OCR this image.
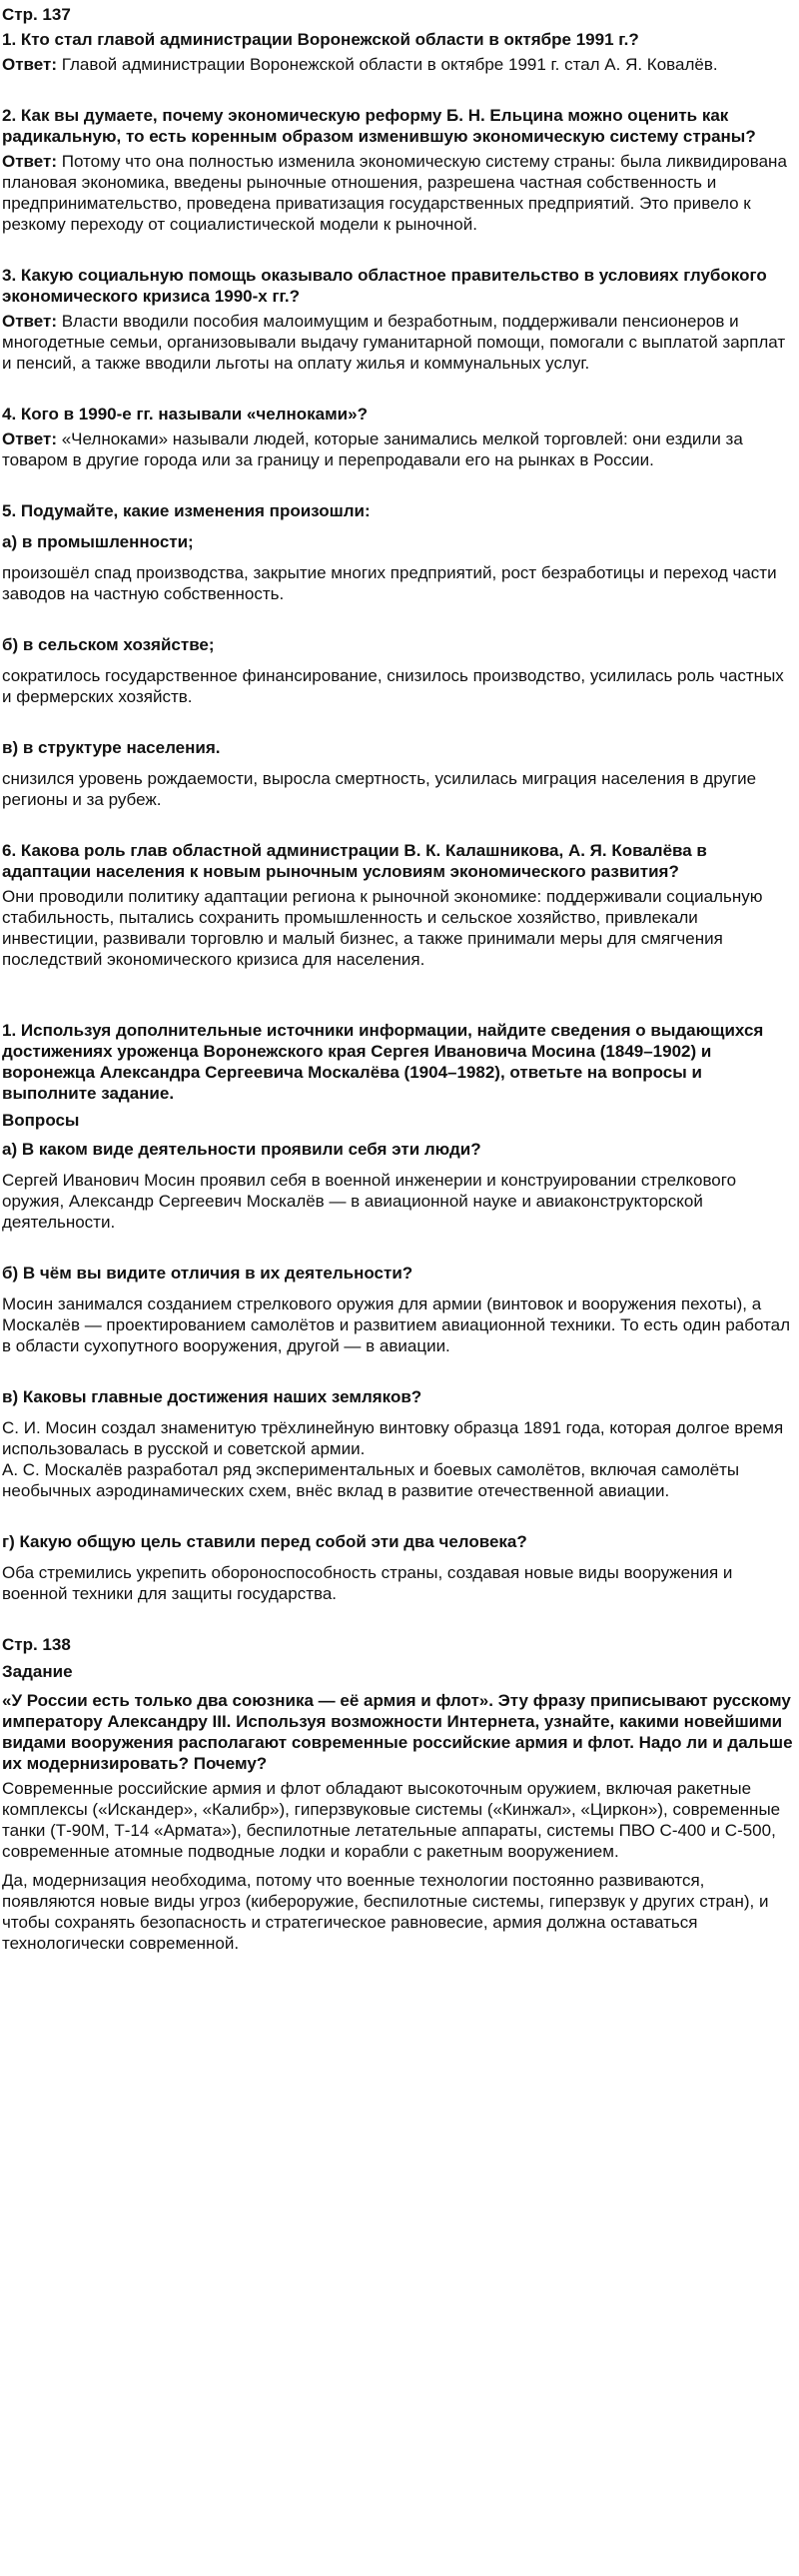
Стр. 137
1. Кто стал главой администрации Воронежской области в октябре 1991 г.?

Ответ: Главой администрации Воронежской области в октябре 1991 г. стал А. Я. Ковалёв.

2. Как вы думаете, почему экономическую реформу Б. Н. Ельцина можно оценить как радикальную, то есть коренным образом изменившую экономическую систему страны?

Ответ: Потому что она полностью изменила экономическую систему страны: была ликвидирована плановая экономика, введены рыночные отношения, разрешена частная собственность и предпринимательство, проведена приватизация государственных предприятий. Это привело к резкому переходу от социалистической модели к рыночной.

3. Какую социальную помощь оказывало областное правительство в условиях глубокого экономического кризиса 1990-х гг.?

Ответ: Власти вводили пособия малоимущим и безработным, поддерживали пенсионеров и многодетные семьи, организовывали выдачу гуманитарной помощи, помогали с выплатой зарплат и пенсий, а также вводили льготы на оплату жилья и коммунальных услуг.

4. Кого в 1990-е гг. называли «челноками»?

Ответ: «Челноками» называли людей, которые занимались мелкой торговлей: они ездили за товаром в другие города или за границу и перепродавали его на рынках в России.

5. Подумайте, какие изменения произошли:
а) в промышленности;

произошёл спад производства, закрытие многих предприятий, рост безработицы и переход части заводов на частную собственность.

б) в сельском хозяйстве;

сократилось государственное финансирование, снизилось производство, усилилась роль частных и фермерских хозяйств.

в) в структуре населения.

снизился уровень рождаемости, выросла смертность, усилилась миграция населения в другие регионы и за рубеж.

6. Какова роль глав областной администрации В. К. Калашникова, А. Я. Ковалёва в адаптации населения к новым рыночным условиям экономического развития?

Они проводили политику адаптации региона к рыночной экономике: поддерживали социальную стабильность, пытались сохранить промышленность и сельское хозяйство, привлекали инвестиции, развивали торговлю и малый бизнес, а также принимали меры для смягчения последствий экономического кризиса для населения.

1. Используя дополнительные источники информации, найдите сведения о выдающихся достижениях уроженца Воронежского края Сергея Ивановича Мосина (1849–1902) и воронежца Александра Сергеевича Москалёва (1904–1982), ответьте на вопросы и выполните задание.
Вопросы
а) В каком виде деятельности проявили себя эти люди?

Сергей Иванович Мосин проявил себя в военной инженерии и конструировании стрелкового оружия, Александр Сергеевич Москалёв — в авиационной науке и авиаконструкторской деятельности.

б) В чём вы видите отличия в их деятельности?

Мосин занимался созданием стрелкового оружия для армии (винтовок и вооружения пехоты), а Москалёв — проектированием самолётов и развитием авиационной техники. То есть один работал в области сухопутного вооружения, другой — в авиации.

в) Каковы главные достижения наших земляков?

С. И. Мосин создал знаменитую трёхлинейную винтовку образца 1891 года, которая долгое время использовалась в русской и советской армии.

А. С. Москалёв разработал ряд экспериментальных и боевых самолётов, включая самолёты необычных аэродинамических схем, внёс вклад в развитие отечественной авиации.

г) Какую общую цель ставили перед собой эти два человека?

Оба стремились укрепить обороноспособность страны, создавая новые виды вооружения и военной техники для защиты государства.

Стр. 138
Задание
«У России есть только два союзника — её армия и флот». Эту фразу приписывают русскому императору Александру III. Используя возможности Интернета, узнайте, какими новейшими видами вооружения располагают современные российские армия и флот. Надо ли и дальше их модернизировать? Почему?

Современные российские армия и флот обладают высокоточным оружием, включая ракетные комплексы («Искандер», «Калибр»), гиперзвуковые системы («Кинжал», «Циркон»), современные танки (Т-90М, Т-14 «Армата»), беспилотные летательные аппараты, системы ПВО С-400 и С-500, современные атомные подводные лодки и корабли с ракетным вооружением.

Да, модернизация необходима, потому что военные технологии постоянно развиваются, появляются новые виды угроз (кибероружие, беспилотные системы, гиперзвук у других стран), и чтобы сохранять безопасность и стратегическое равновесие, армия должна оставаться технологически современной.
